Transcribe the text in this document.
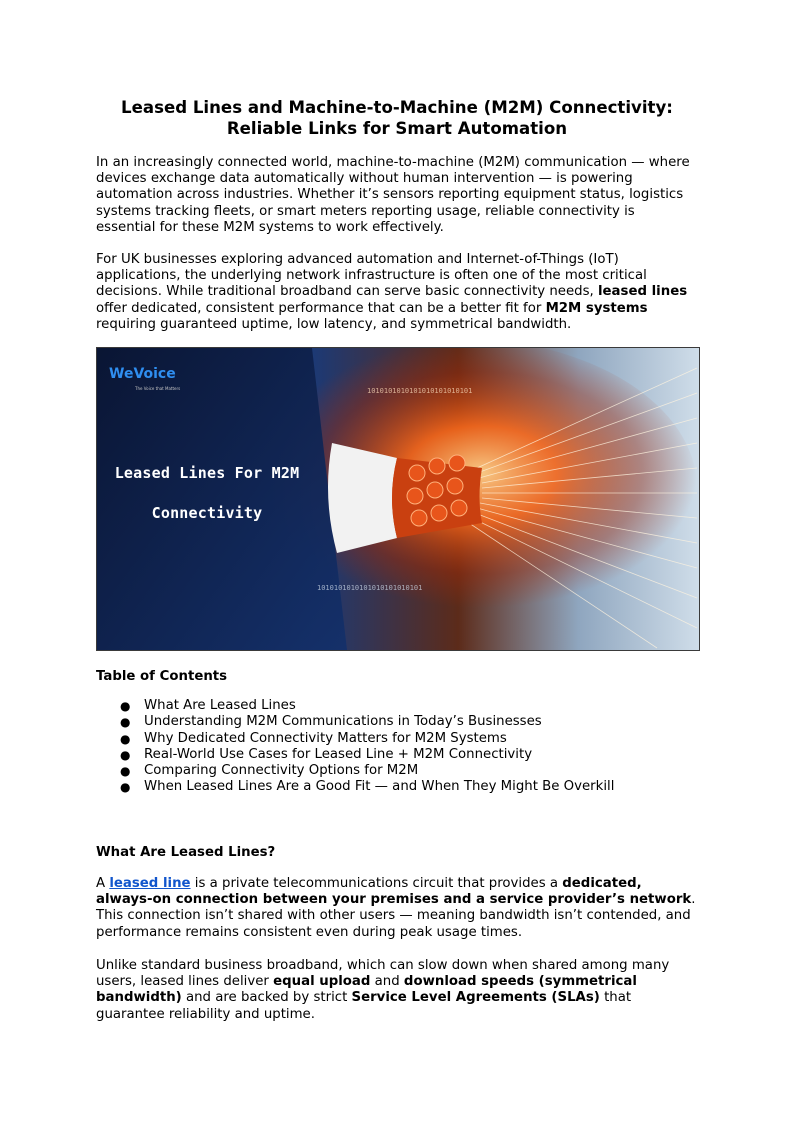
Leased Lines and Machine-to-Machine (M2M) Connectivity:
Reliable Links for Smart Automation

In an increasingly connected world, machine-to-machine (M2M) communication — where devices exchange data automatically without human intervention — is powering automation across industries. Whether it’s sensors reporting equipment status, logistics systems tracking fleets, or smart meters reporting usage, reliable connectivity is essential for these M2M systems to work effectively.

For UK businesses exploring advanced automation and Internet-of-Things (IoT) applications, the underlying network infrastructure is often one of the most critical decisions. While traditional broadband can serve basic connectivity needs, leased lines offer dedicated, consistent performance that can be a better fit for M2M systems requiring guaranteed uptime, low latency, and symmetrical bandwidth.

1010101010101010101010101
1010101010101010101010101
WeVoice
The Voice that Matters
Leased Lines For M2M
Connectivity

Table of Contents

● What Are Leased Lines
● Understanding M2M Communications in Today’s Businesses
● Why Dedicated Connectivity Matters for M2M Systems
● Real-World Use Cases for Leased Line + M2M Connectivity
● Comparing Connectivity Options for M2M
● When Leased Lines Are a Good Fit — and When They Might Be Overkill

What Are Leased Lines?

A leased line is a private telecommunications circuit that provides a dedicated, always-on connection between your premises and a service provider’s network. This connection isn’t shared with other users — meaning bandwidth isn’t contended, and performance remains consistent even during peak usage times.

Unlike standard business broadband, which can slow down when shared among many users, leased lines deliver equal upload and download speeds (symmetrical bandwidth) and are backed by strict Service Level Agreements (SLAs) that guarantee reliability and uptime.
